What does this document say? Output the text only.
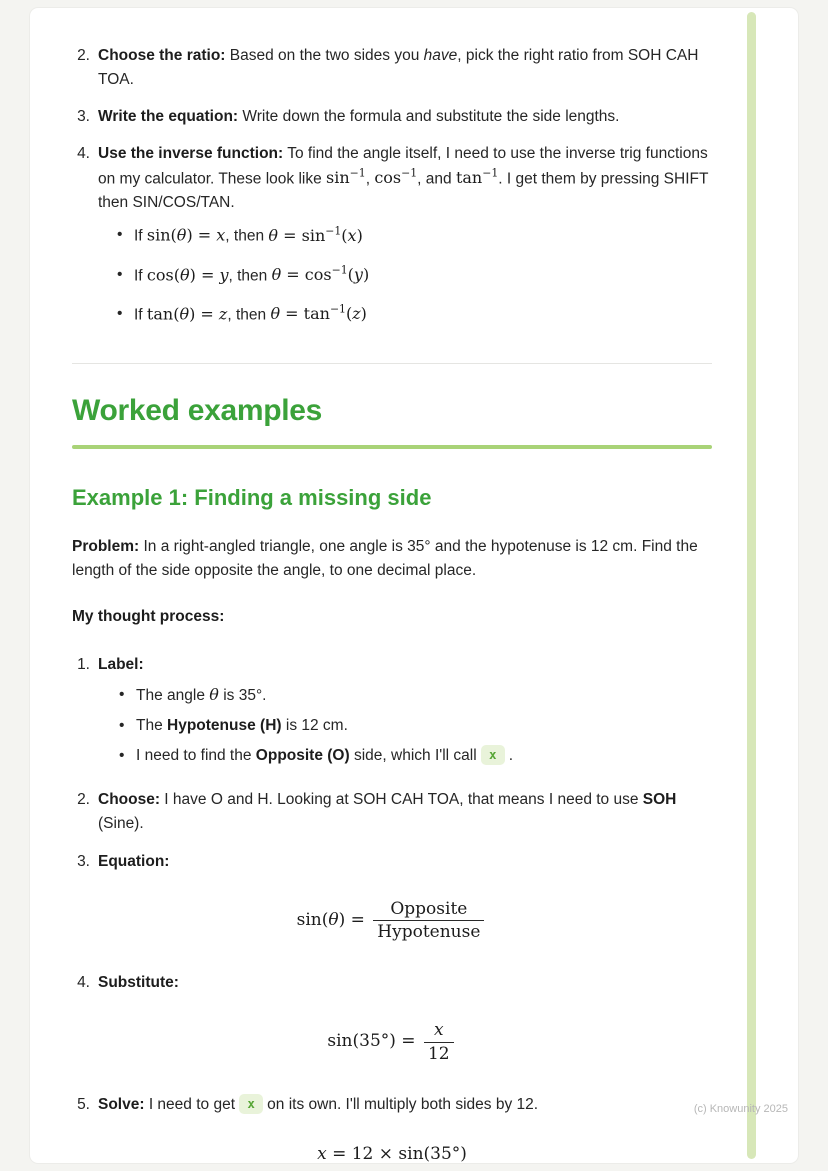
(c) Knowunity 2025
2. Choose the ratio: Based on the two sides you have, pick the right ratio from SOH CAH TOA.

3. Write the equation: Write down the formula and substitute the side lengths.

4. Use the inverse function: To find the angle itself, I need to use the inverse trig functions on my calculator. These look like $\sin^{-1}$, $\cos^{-1}$, and $\tan^{-1}$. I get them by pressing SHIFT then SIN/COS/TAN.

• If sin(θ) = x, then $\theta = \sin^{-1}(x)$

• If cos(θ) = y, then $\theta = \cos^{-1}(y)$

• If tan(θ) = z, then $\theta = \tan^{-1}(z)$

Worked examples
Example 1: Finding a missing side

Problem: In a right-angled triangle, one angle is 35° and the hypotenuse is 12 cm. Find the length of the side opposite the angle, to one decimal place.

My thought process:

1. Label:

• The angle θ is 35°.

• The Hypotenuse (H) is 12 cm.

• I need to find the Opposite (O) side, which I'll call x .

2. Choose: I have O and H. Looking at SOH CAH TOA, that means I need to use SOH (Sine).

3. Equation:

$\sin(\theta) = \frac{\text{Opposite}}{\text{Hypotenuse}}$
4. Substitute:

$\sin(35^\circ) = \frac{x}{12}$
5. Solve: I need to get x on its own. I'll multiply both sides by 12.

x = 12 × sin(35°)
